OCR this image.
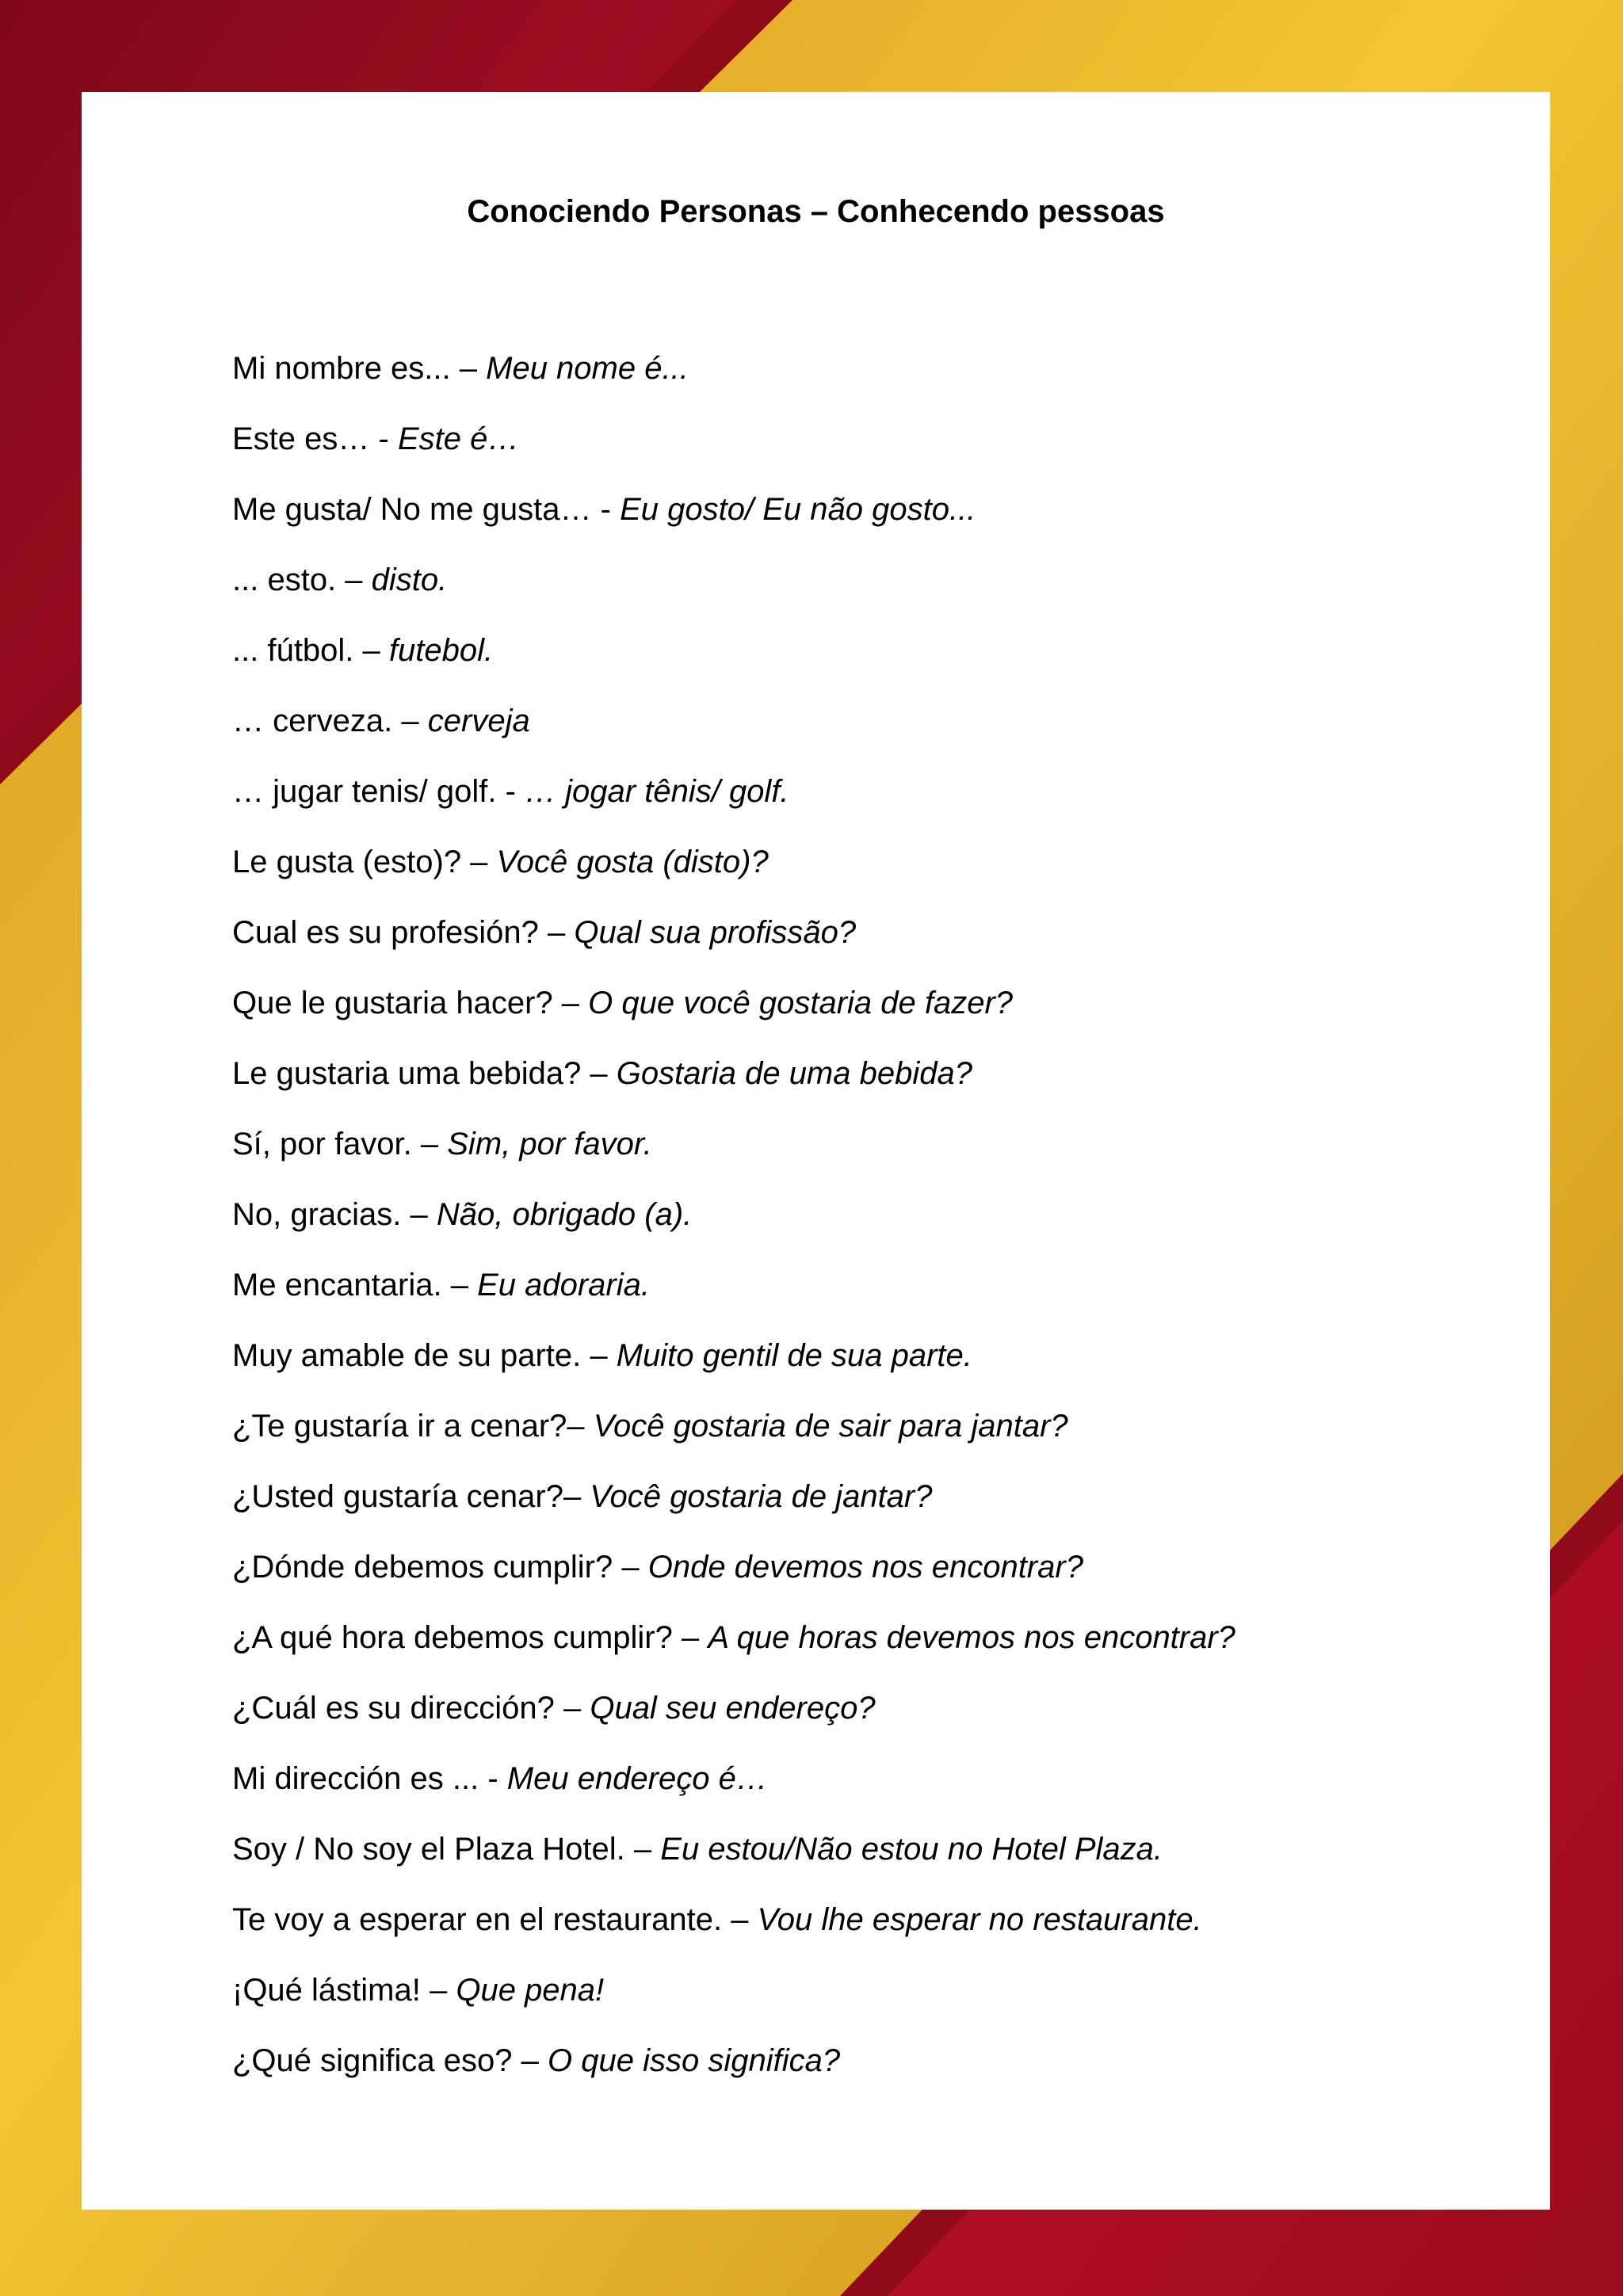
Conociendo Personas – Conhecendo pessoas
Mi nombre es... – Meu nome é...
Este es… - Este é…
Me gusta/ No me gusta… - Eu gosto/ Eu não gosto...
... esto. – disto.
... fútbol. – futebol.
… cerveza. – cerveja
… jugar tenis/ golf. - … jogar tênis/ golf.
Le gusta (esto)? – Você gosta (disto)?
Cual es su profesión? – Qual sua profissão?
Que le gustaria hacer? – O que você gostaria de fazer?
Le gustaria uma bebida? – Gostaria de uma bebida?
Sí, por favor. – Sim, por favor.
No, gracias. – Não, obrigado (a).
Me encantaria. – Eu adoraria.
Muy amable de su parte. – Muito gentil de sua parte.
¿Te gustaría ir a cenar?– Você gostaria de sair para jantar?
¿Usted gustaría cenar?– Você gostaria de jantar?
¿Dónde debemos cumplir? – Onde devemos nos encontrar?
¿A qué hora debemos cumplir? – A que horas devemos nos encontrar?
¿Cuál es su dirección? – Qual seu endereço?
Mi dirección es ... - Meu endereço é…
Soy / No soy el Plaza Hotel. – Eu estou/Não estou no Hotel Plaza.
Te voy a esperar en el restaurante. – Vou lhe esperar no restaurante.
¡Qué lástima! – Que pena!
¿Qué significa eso? – O que isso significa?
